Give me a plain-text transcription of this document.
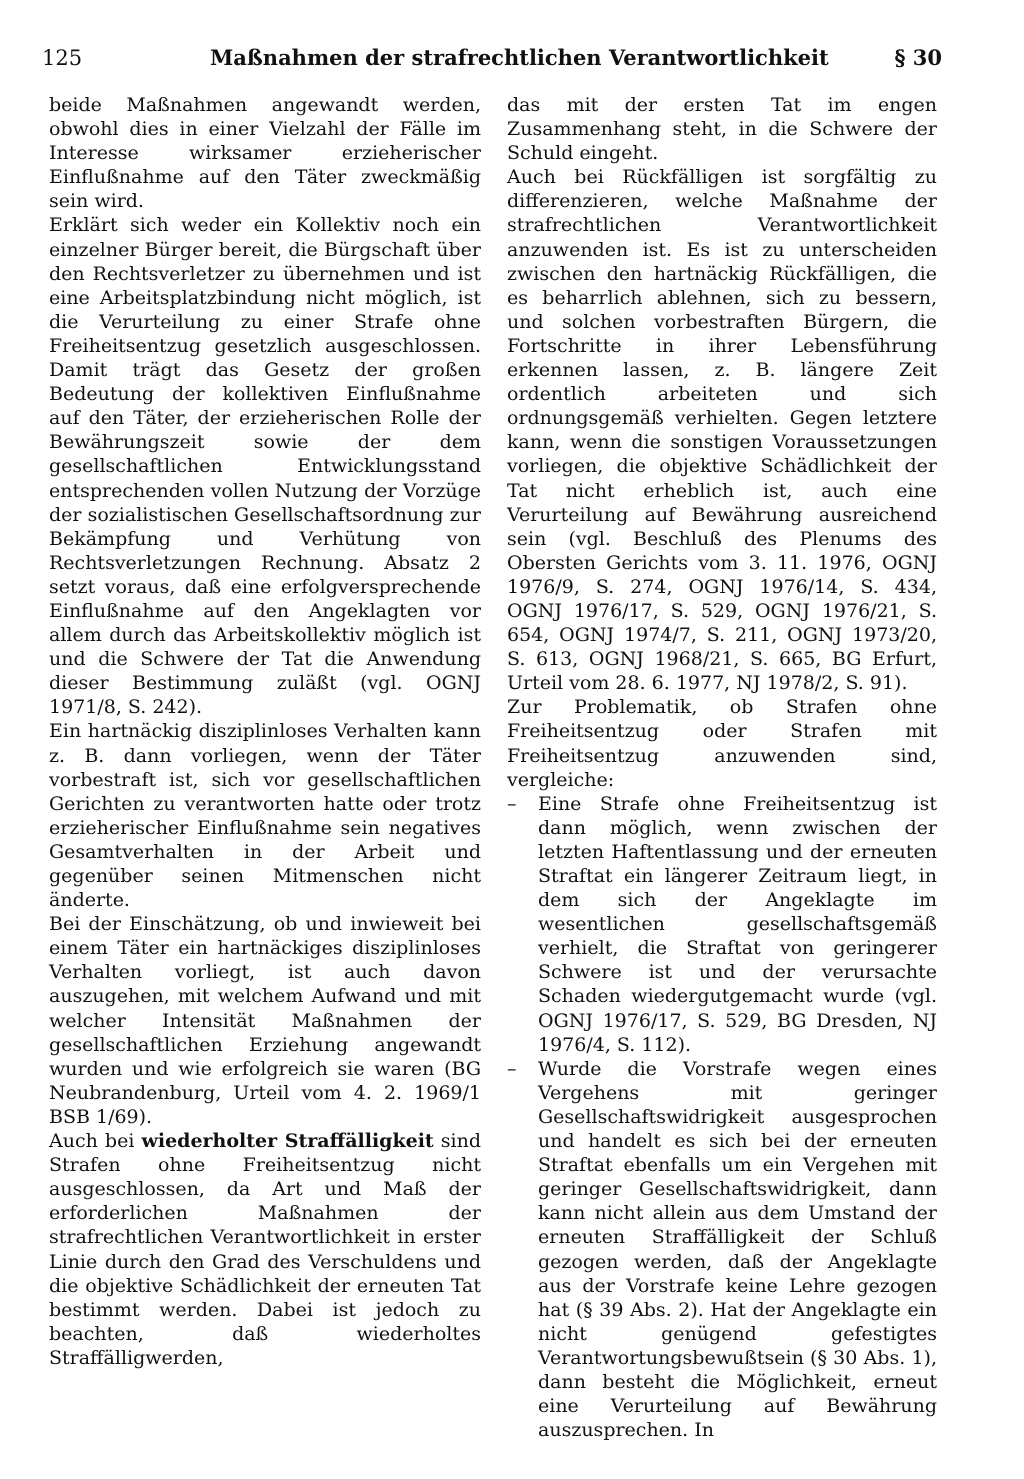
125	Maßnahmen der strafrechtlichen Verantwortlichkeit	§ 30

beide Maßnahmen angewandt werden, obwohl dies in einer Vielzahl der Fälle im Interesse wirksamer erzieherischer Einflußnahme auf den Täter zweckmäßig sein wird.

Erklärt sich weder ein Kollektiv noch ein einzelner Bürger bereit, die Bürgschaft über den Rechtsverletzer zu übernehmen und ist eine Arbeitsplatzbindung nicht möglich, ist die Verurteilung zu einer Strafe ohne Freiheitsentzug gesetzlich ausgeschlossen. Damit trägt das Gesetz der großen Bedeutung der kollektiven Einflußnahme auf den Täter, der erzieherischen Rolle der Bewährungszeit sowie der dem gesellschaftlichen Entwicklungsstand entsprechenden vollen Nutzung der Vorzüge der sozialistischen Gesellschaftsordnung zur Bekämpfung und Verhütung von Rechtsverletzungen Rechnung. Absatz 2 setzt voraus, daß eine erfolgversprechende Einflußnahme auf den Angeklagten vor allem durch das Arbeitskollektiv möglich ist und die Schwere der Tat die Anwendung dieser Bestimmung zuläßt (vgl. OGNJ 1971/8, S. 242).

Ein hartnäckig disziplinloses Verhalten kann z. B. dann vorliegen, wenn der Täter vorbestraft ist, sich vor gesellschaftlichen Gerichten zu verantworten hatte oder trotz erzieherischer Einflußnahme sein negatives Gesamtverhalten in der Arbeit und gegenüber seinen Mitmenschen nicht änderte.

Bei der Einschätzung, ob und inwieweit bei einem Täter ein hartnäckiges disziplinloses Verhalten vorliegt, ist auch davon auszugehen, mit welchem Aufwand und mit welcher Intensität Maßnahmen der gesellschaftlichen Erziehung angewandt wurden und wie erfolgreich sie waren (BG Neubrandenburg, Urteil vom 4. 2. 1969/1 BSB 1/69).

Auch bei wiederholter Straffälligkeit sind Strafen ohne Freiheitsentzug nicht ausgeschlossen, da Art und Maß der erforderlichen Maßnahmen der strafrechtlichen Verantwortlichkeit in erster Linie durch den Grad des Verschuldens und die objektive Schädlichkeit der erneuten Tat bestimmt werden. Dabei ist jedoch zu beachten, daß wiederholtes Straffälligwerden,

das mit der ersten Tat im engen Zusammenhang steht, in die Schwere der Schuld eingeht.

Auch bei Rückfälligen ist sorgfältig zu differenzieren, welche Maßnahme der strafrechtlichen Verantwortlichkeit anzuwenden ist. Es ist zu unterscheiden zwischen den hartnäckig Rückfälligen, die es beharrlich ablehnen, sich zu bessern, und solchen vorbestraften Bürgern, die Fortschritte in ihrer Lebensführung erkennen lassen, z. B. längere Zeit ordentlich arbeiteten und sich ordnungsgemäß verhielten. Gegen letztere kann, wenn die sonstigen Voraussetzungen vorliegen, die objektive Schädlichkeit der Tat nicht erheblich ist, auch eine Verurteilung auf Bewährung ausreichend sein (vgl. Beschluß des Plenums des Obersten Gerichts vom 3. 11. 1976, OGNJ 1976/9, S. 274, OGNJ 1976/14, S. 434, OGNJ 1976/17, S. 529, OGNJ 1976/21, S. 654, OGNJ 1974/7, S. 211, OGNJ 1973/20, S. 613, OGNJ 1968/21, S. 665, BG Erfurt, Urteil vom 28. 6. 1977, NJ 1978/2, S. 91).

Zur Problematik, ob Strafen ohne Freiheitsentzug oder Strafen mit Freiheitsentzug anzuwenden sind, vergleiche:

– Eine Strafe ohne Freiheitsentzug ist dann möglich, wenn zwischen der letzten Haftentlassung und der erneuten Straftat ein längerer Zeitraum liegt, in dem sich der Angeklagte im wesentlichen gesellschaftsgemäß verhielt, die Straftat von geringerer Schwere ist und der verursachte Schaden wiedergutgemacht wurde (vgl. OGNJ 1976/17, S. 529, BG Dresden, NJ 1976/4, S. 112).
– Wurde die Vorstrafe wegen eines Vergehens mit geringer Gesellschaftswidrigkeit ausgesprochen und handelt es sich bei der erneuten Straftat ebenfalls um ein Vergehen mit geringer Gesellschaftswidrigkeit, dann kann nicht allein aus dem Umstand der erneuten Straffälligkeit der Schluß gezogen werden, daß der Angeklagte aus der Vorstrafe keine Lehre gezogen hat (§ 39 Abs. 2). Hat der Angeklagte ein nicht genügend gefestigtes Verantwortungsbewußtsein (§ 30 Abs. 1), dann besteht die Möglichkeit, erneut eine Verurteilung auf Bewährung auszusprechen. In
